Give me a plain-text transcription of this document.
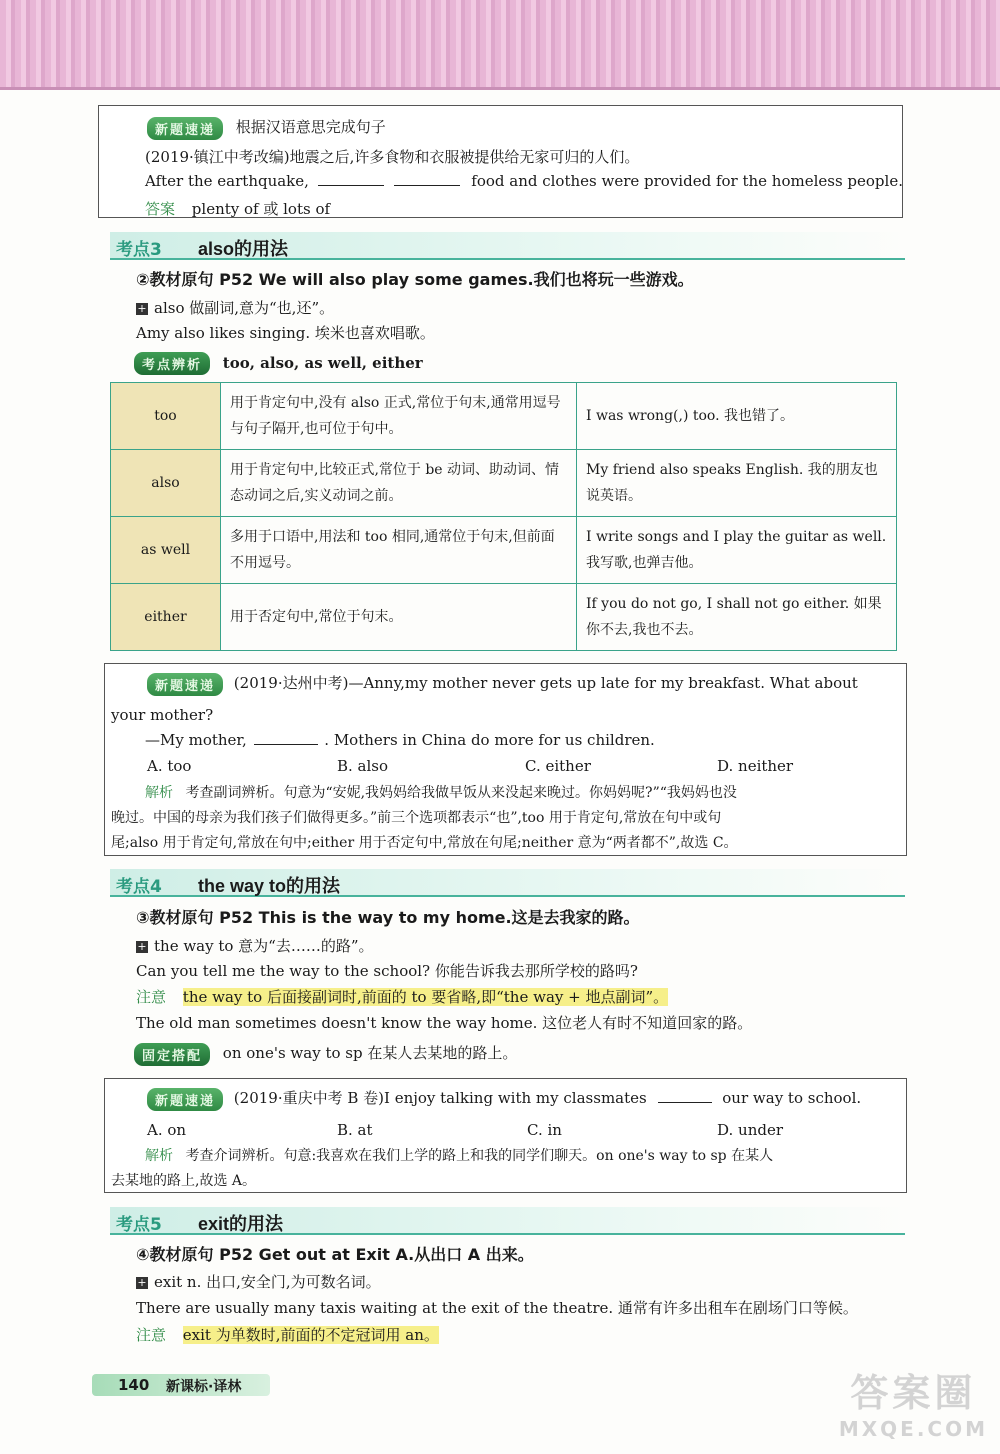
新题速递 根据汉语意思完成句子
(2019·镇江中考改编)地震之后,许多食物和衣服被提供给无家可归的人们。
After the earthquake,	food and clothes were provided for the homeless people.
答案 plenty of 或 lots of
考点3 also的用法
②教材原句 P52 We will also play some games.我们也将玩一些游戏。
+ also 做副词,意为“也,还”。
Amy also likes singing. 埃米也喜欢唱歌。
考点辨析 too, also, as well, either
too	用于肯定句中,没有 also 正式,常位于句末,通常用逗号与句子隔开,也可位于句中。	I was wrong(,) too. 我也错了。
also	用于肯定句中,比较正式,常位于 be 动词、助动词、情态动词之后,实义动词之前。	My friend also speaks English. 我的朋友也说英语。
as well	多用于口语中,用法和 too 相同,通常位于句末,但前面不用逗号。	I write songs and I play the guitar as well. 我写歌,也弹吉他。
either	用于否定句中,常位于句末。	If you do not go, I shall not go either. 如果你不去,我也不去。
新题速递 (2019·达州中考)—Anny,my mother never gets up late for my breakfast. What about
your mother?
—My mother,	. Mothers in China do more for us children.
A. too	B. also	C. either	D. neither
解析 考查副词辨析。句意为“安妮,我妈妈给我做早饭从来没起来晚过。你妈妈呢?”“我妈妈也没
晚过。中国的母亲为我们孩子们做得更多。”前三个选项都表示“也”,too 用于肯定句,常放在句中或句
尾;also 用于肯定句,常放在句中;either 用于否定句中,常放在句尾;neither 意为“两者都不”,故选 C。
考点4 the way to的用法
③教材原句 P52 This is the way to my home.这是去我家的路。
+ the way to 意为“去……的路”。
Can you tell me the way to the school? 你能告诉我去那所学校的路吗?
注意 the way to 后面接副词时,前面的 to 要省略,即“the way + 地点副词”。
The old man sometimes doesn't know the way home. 这位老人有时不知道回家的路。
固定搭配 on one's way to sp 在某人去某地的路上。
新题速递 (2019·重庆中考 B 卷)I enjoy talking with my classmates	our way to school.
A. on	B. at	C. in	D. under
解析 考查介词辨析。句意:我喜欢在我们上学的路上和我的同学们聊天。on one's way to sp 在某人
去某地的路上,故选 A。
考点5 exit的用法
④教材原句 P52 Get out at Exit A.从出口 A 出来。
+ exit n. 出口,安全门,为可数名词。
There are usually many taxis waiting at the exit of the theatre. 通常有许多出租车在剧场门口等候。
注意 exit 为单数时,前面的不定冠词用 an。
140 新课标·译林	答案圈
MXQE.COM
